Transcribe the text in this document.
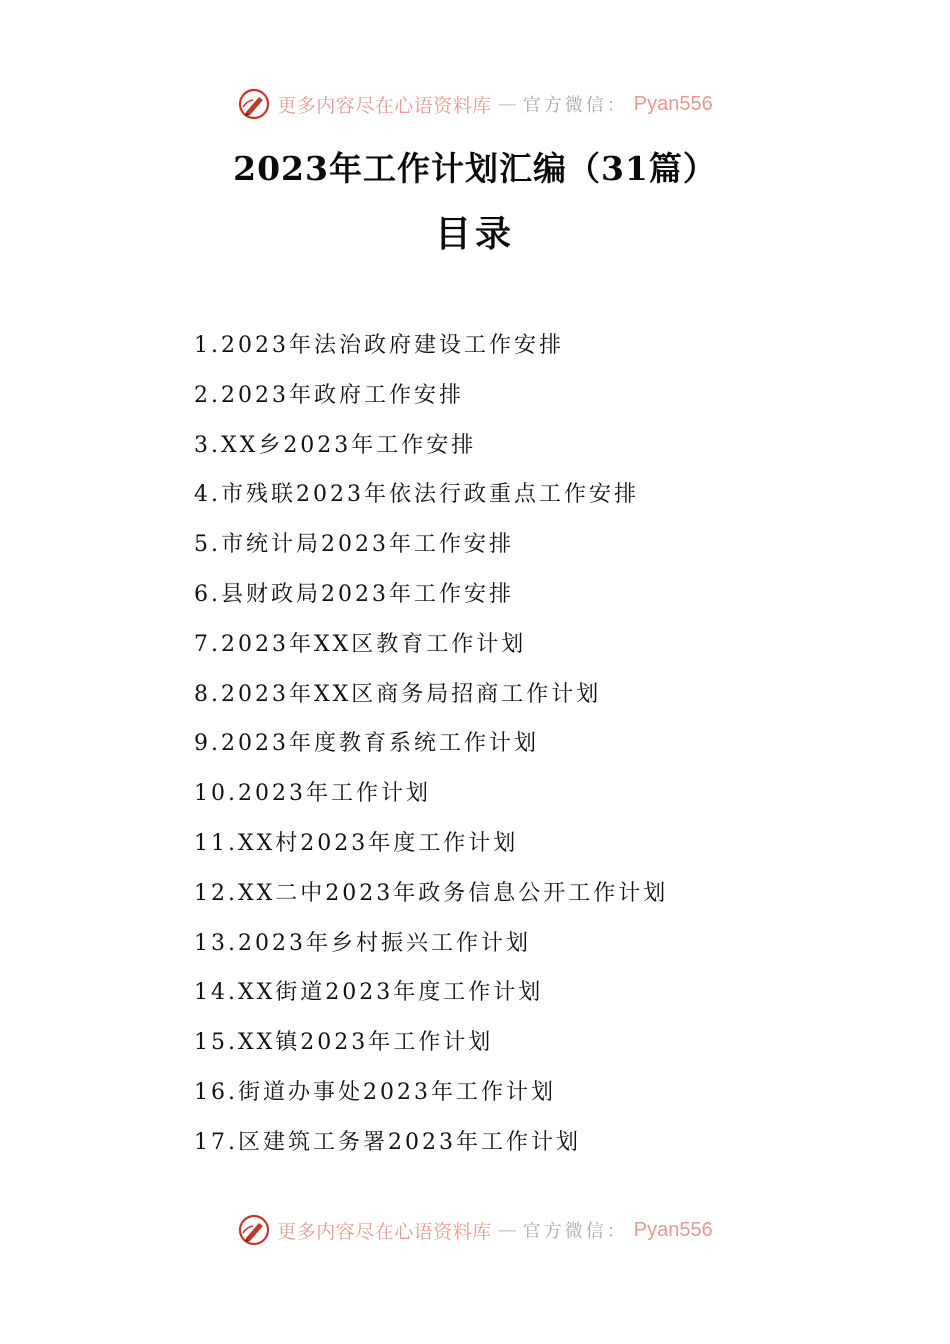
更多内容尽在心语资料库 — 官方微信： Pyan556
2023年工作计划汇编（31篇）
目录
1.2023年法治政府建设工作安排
2.2023年政府工作安排
3.XX乡2023年工作安排
4.市残联2023年依法行政重点工作安排
5.市统计局2023年工作安排
6.县财政局2023年工作安排
7.2023年XX区教育工作计划
8.2023年XX区商务局招商工作计划
9.2023年度教育系统工作计划
10.2023年工作计划
11.XX村2023年度工作计划
12.XX二中2023年政务信息公开工作计划
13.2023年乡村振兴工作计划
14.XX街道2023年度工作计划
15.XX镇2023年工作计划
16.街道办事处2023年工作计划
17.区建筑工务署2023年工作计划
更多内容尽在心语资料库 — 官方微信： Pyan556
